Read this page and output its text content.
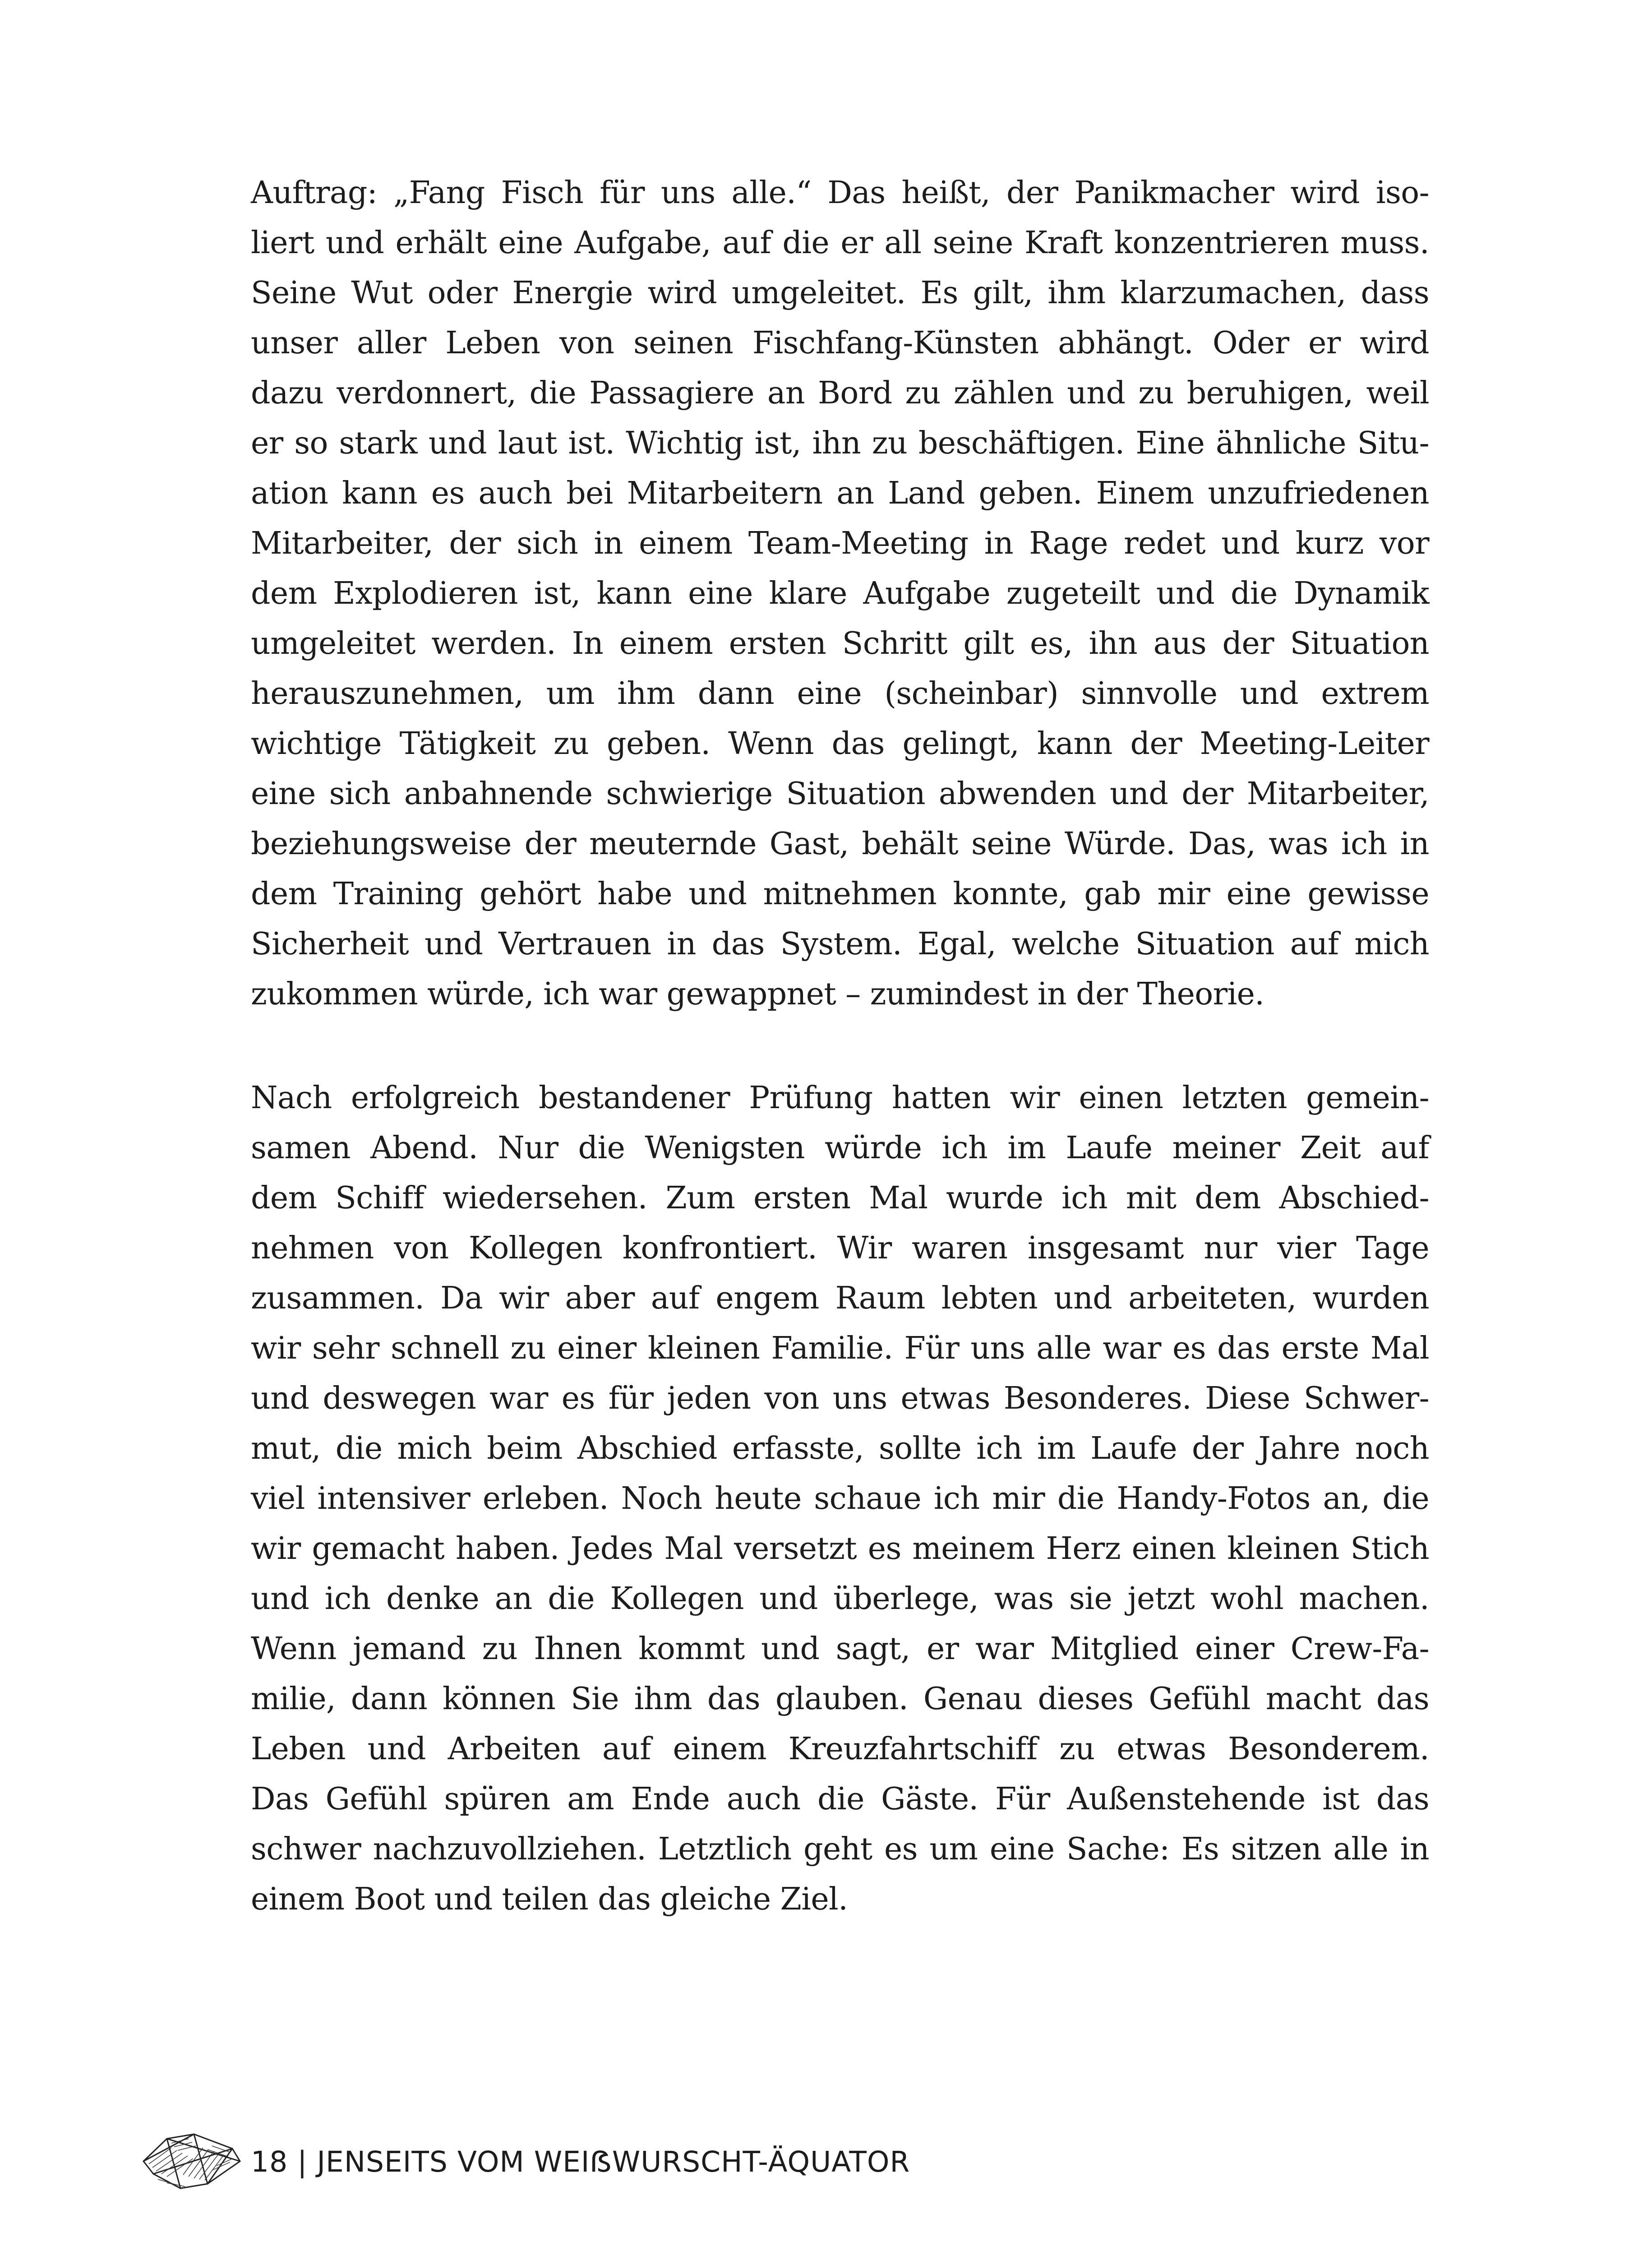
Auftrag: „Fang Fisch für uns alle.“ Das heißt, der Panikmacher wird iso-
liert und erhält eine Aufgabe, auf die er all seine Kraft konzentrieren muss.
Seine Wut oder Energie wird umgeleitet. Es gilt, ihm klarzumachen, dass
unser aller Leben von seinen Fischfang-Künsten abhängt. Oder er wird
dazu verdonnert, die Passagiere an Bord zu zählen und zu beruhigen, weil
er so stark und laut ist. Wichtig ist, ihn zu beschäftigen. Eine ähnliche Situ-
ation kann es auch bei Mitarbeitern an Land geben. Einem unzufriedenen
Mitarbeiter, der sich in einem Team-Meeting in Rage redet und kurz vor
dem Explodieren ist, kann eine klare Aufgabe zugeteilt und die Dynamik
umgeleitet werden. In einem ersten Schritt gilt es, ihn aus der Situation
herauszunehmen, um ihm dann eine (scheinbar) sinnvolle und extrem
wichtige Tätigkeit zu geben. Wenn das gelingt, kann der Meeting-Leiter
eine sich anbahnende schwierige Situation abwenden und der Mitarbeiter,
beziehungsweise der meuternde Gast, behält seine Würde. Das, was ich in
dem Training gehört habe und mitnehmen konnte, gab mir eine gewisse
Sicherheit und Vertrauen in das System. Egal, welche Situation auf mich
zukommen würde, ich war gewappnet – zumindest in der Theorie.
Nach erfolgreich bestandener Prüfung hatten wir einen letzten gemein-
samen Abend. Nur die Wenigsten würde ich im Laufe meiner Zeit auf
dem Schiff wiedersehen. Zum ersten Mal wurde ich mit dem Abschied-
nehmen von Kollegen konfrontiert. Wir waren insgesamt nur vier Tage
zusammen. Da wir aber auf engem Raum lebten und arbeiteten, wurden
wir sehr schnell zu einer kleinen Familie. Für uns alle war es das erste Mal
und deswegen war es für jeden von uns etwas Besonderes. Diese Schwer-
mut, die mich beim Abschied erfasste, sollte ich im Laufe der Jahre noch
viel intensiver erleben. Noch heute schaue ich mir die Handy-Fotos an, die
wir gemacht haben. Jedes Mal versetzt es meinem Herz einen kleinen Stich
und ich denke an die Kollegen und überlege, was sie jetzt wohl machen.
Wenn jemand zu Ihnen kommt und sagt, er war Mitglied einer Crew-Fa-
milie, dann können Sie ihm das glauben. Genau dieses Gefühl macht das
Leben und Arbeiten auf einem Kreuzfahrtschiff zu etwas Besonderem.
Das Gefühl spüren am Ende auch die Gäste. Für Außenstehende ist das
schwer nachzuvollziehen. Letztlich geht es um eine Sache: Es sitzen alle in
einem Boot und teilen das gleiche Ziel.
18 | JENSEITS VOM WEIẞWURSCHT-ÄQUATOR
